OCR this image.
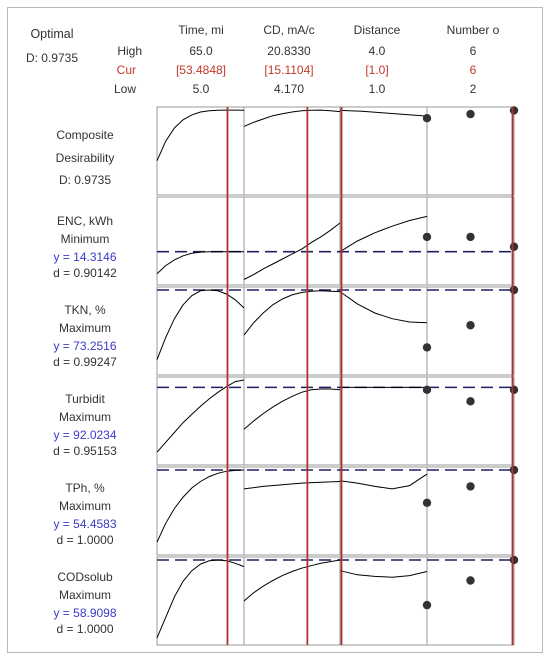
Optimal
D: 0.9735	High
Cur
Low
Time, mi
65.0
[53.4848]
5.0
CD, mA/c
20.8330
[15.1104]
4.170
Distance
4.0
[1.0]
1.0
Number o
6
6
2
Composite
Desirability
D: 0.9735
ENC, kWh
Minimum
y = 14.3146
d = 0.90142
TKN, %
Maximum
y = 73.2516
d = 0.99247
Turbidit
Maximum
y = 92.0234
d = 0.95153
TPh, %
Maximum
y = 54.4583
d = 1.0000
CODsolub
Maximum
y = 58.9098
d = 1.0000
